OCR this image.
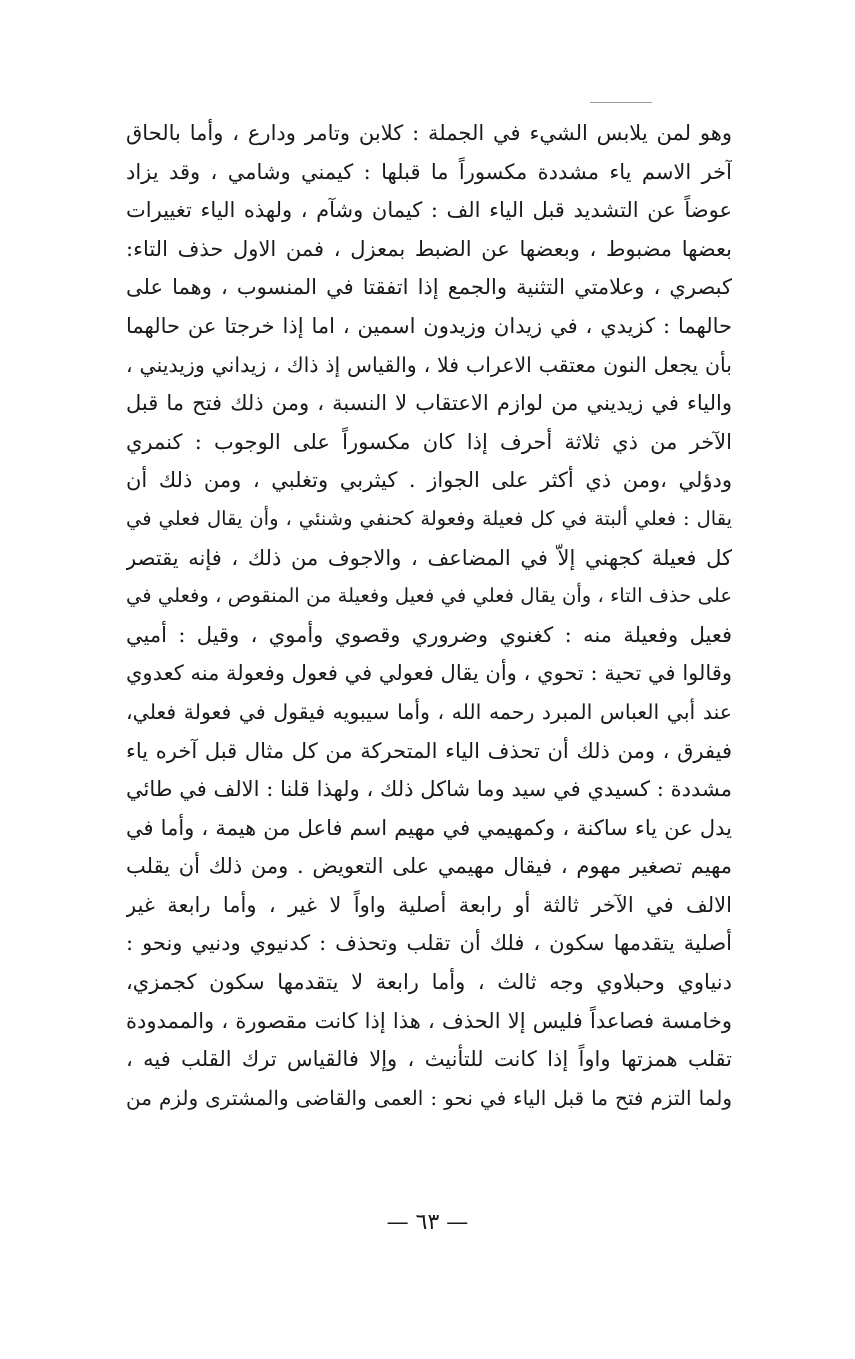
وهو لمن يلابس الشيء في الجملة : كلابن وتامر ودارع ، وأما بالحاق
آخر الاسم ياء مشددة مكسوراً ما قبلها : كيمني وشامي ، وقد يزاد
عوضاً عن التشديد قبل الياء الف : كيمان وشآم ، ولهذه الياء تغييرات
بعضها مضبوط ، وبعضها عن الضبط بمعزل ، فمن الاول حذف التاء:
كبصري ، وعلامتي التثنية والجمع إذا اتفقتا في المنسوب ، وهما على
حالهما : كزيدي ، في زيدان وزيدون اسمين ، اما إذا خرجتا عن حالهما
بأن يجعل النون معتقب الاعراب فلا ، والقياس إذ ذاك ، زيداني وزيديني ،
والياء في زيديني من لوازم الاعتقاب لا النسبة ، ومن ذلك فتح ما قبل
الآخر من ذي ثلاثة أحرف إذا كان مكسوراً على الوجوب : كنمري
ودؤلي ،ومن ذي أكثر على الجواز . كيثربي وتغلبي ، ومن ذلك أن
يقال : فعلي ألبتة في كل فعيلة وفعولة كحنفي وشنئي ، وأن يقال فعلي في
كل فعيلة كجهني إلاّ في المضاعف ، والاجوف من ذلك ، فإنه يقتصر
على حذف التاء ، وأن يقال فعلي في فعيل وفعيلة من المنقوص ، وفعلي في
فعيل وفعيلة منه : كغنوي وضروري وقصوي وأموي ، وقيل : أميي
وقالوا في تحية : تحوي ، وأن يقال فعولي في فعول وفعولة منه كعدوي
عند أبي العباس المبرد رحمه الله ، وأما سيبويه فيقول في فعولة فعلي،
فيفرق ، ومن ذلك أن تحذف الياء المتحركة من كل مثال قبل آخره ياء
مشددة : كسيدي في سيد وما شاكل ذلك ، ولهذا قلنا : الالف في طائي
يدل عن ياء ساكنة ، وكمهيمي في مهيم اسم فاعل من هيمة ، وأما في
مهيم تصغير مهوم ، فيقال مهيمي على التعويض . ومن ذلك أن يقلب
الالف في الآخر ثالثة أو رابعة أصلية واواً لا غير ، وأما رابعة غير
أصلية يتقدمها سكون ، فلك أن تقلب وتحذف : كدنيوي ودنيي ونحو :
دنياوي وحبلاوي وجه ثالث ، وأما رابعة لا يتقدمها سكون كجمزي،
وخامسة فصاعداً فليس إلا الحذف ، هذا إذا كانت مقصورة ، والممدودة
تقلب همزتها واواً إذا كانت للتأنيث ، وإلا فالقياس ترك القلب فيه ،
ولما التزم فتح ما قبل الياء في نحو : العمى والقاضى والمشترى ولزم من
— ٦٣ —
